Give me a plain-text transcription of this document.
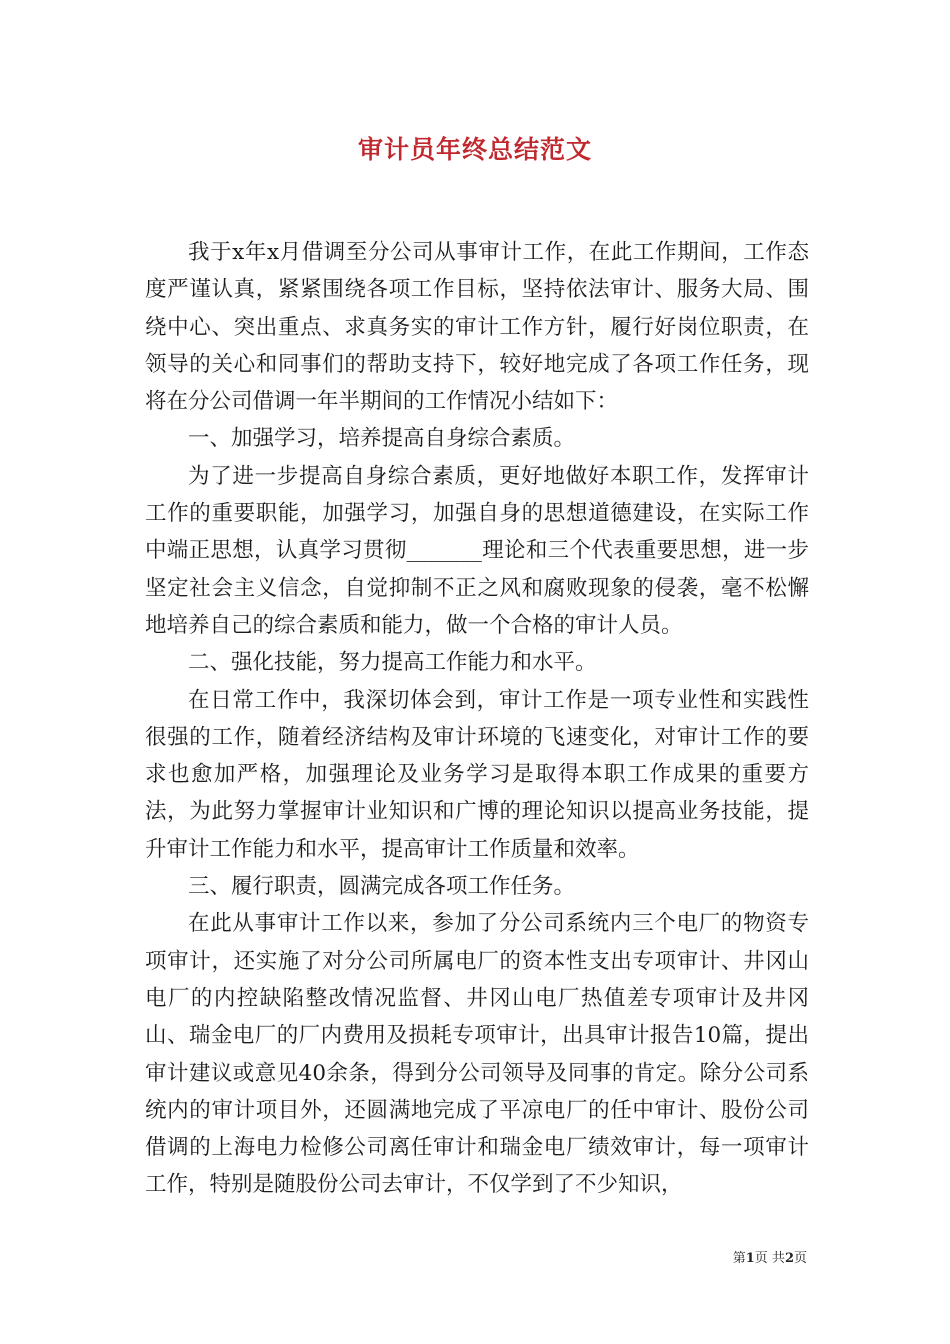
审计员年终总结范文

我于x年x月借调至分公司从事审计工作，在此工作期间，工作态度严谨认真，紧紧围绕各项工作目标，坚持依法审计、服务大局、围绕中心、突出重点、求真务实的审计工作方针，履行好岗位职责，在领导的关心和同事们的帮助支持下，较好地完成了各项工作任务，现将在分公司借调一年半期间的工作情况小结如下：

一、加强学习，培养提高自身综合素质。

为了进一步提高自身综合素质，更好地做好本职工作，发挥审计工作的重要职能，加强学习，加强自身的思想道德建设，在实际工作中端正思想，认真学习贯彻_______理论和三个代表重要思想，进一步坚定社会主义信念，自觉抑制不正之风和腐败现象的侵袭，毫不松懈地培养自己的综合素质和能力，做一个合格的审计人员。

二、强化技能，努力提高工作能力和水平。

在日常工作中，我深切体会到，审计工作是一项专业性和实践性很强的工作，随着经济结构及审计环境的飞速变化，对审计工作的要求也愈加严格，加强理论及业务学习是取得本职工作成果的重要方法，为此努力掌握审计业知识和广博的理论知识以提高业务技能，提升审计工作能力和水平，提高审计工作质量和效率。

三、履行职责，圆满完成各项工作任务。

在此从事审计工作以来，参加了分公司系统内三个电厂的物资专项审计，还实施了对分公司所属电厂的资本性支出专项审计、井冈山电厂的内控缺陷整改情况监督、井冈山电厂热值差专项审计及井冈山、瑞金电厂的厂内费用及损耗专项审计，出具审计报告10篇，提出审计建议或意见40余条，得到分公司领导及同事的肯定。除分公司系统内的审计项目外，还圆满地完成了平凉电厂的任中审计、股份公司借调的上海电力检修公司离任审计和瑞金电厂绩效审计，每一项审计工作，特别是随股份公司去审计，不仅学到了不少知识，

第1页 共2页
